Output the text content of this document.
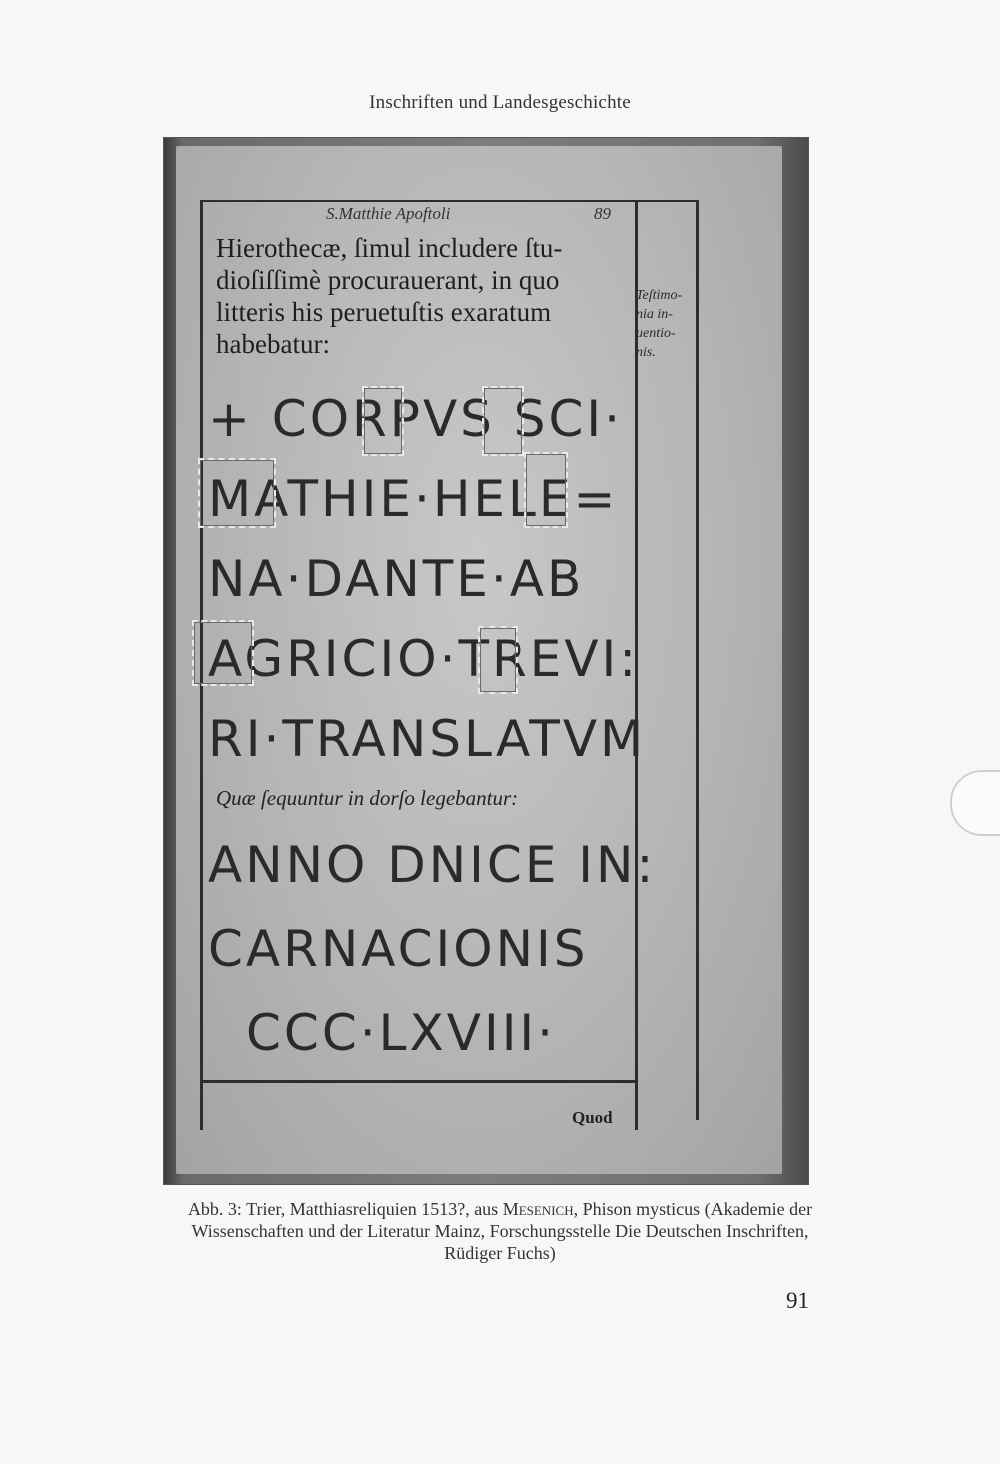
Inschriften und Landesgeschichte
S.Matthie Apoftoli	89
Hierothecæ, ſimul includere ſtu-
dioſiſſimè procurauerant, in quo
litteris his peruetuſtis exaratum
habebatur:
Teſtimo-
nia in-
uentio-
nis.
+ CORPVS SCI·
MATHIE·HELE=
NA·DANTE·AB
AGRICIO·TREVI:
RI·TRANSLATVM
Quæ ſequuntur in dorſo legebantur:
ANNO DNICE IN:
CARNACIONIS
CCC·LXVIII·
Quod
Abb. 3: Trier, Matthiasreliquien 1513?, aus Mesenich, Phison mysticus (Akademie der
Wissenschaften und der Literatur Mainz, Forschungsstelle Die Deutschen Inschriften,
Rüdiger Fuchs)
91
